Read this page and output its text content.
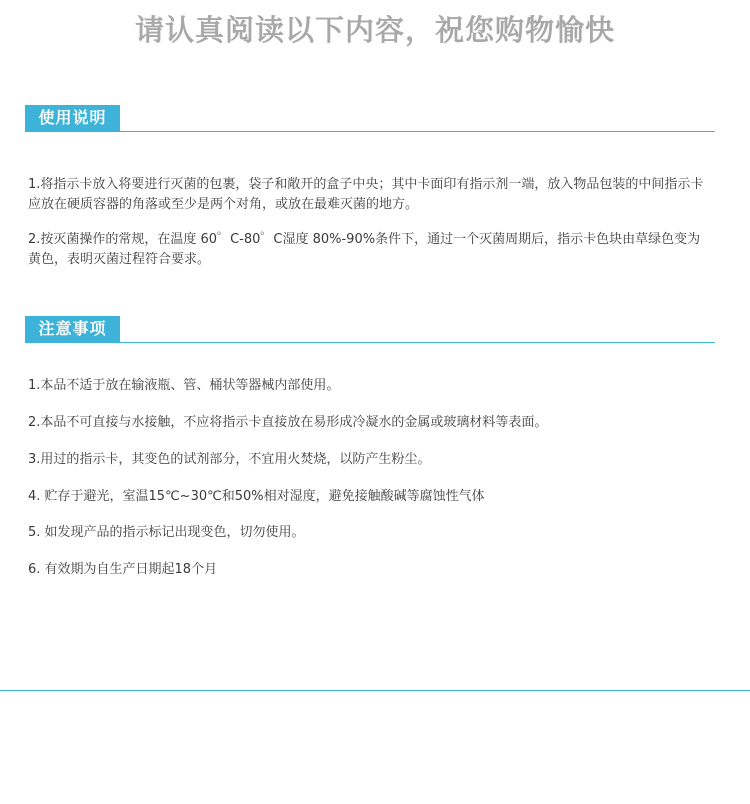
请认真阅读以下内容，祝您购物愉快
使用说明

1.将指示卡放入将要进行灭菌的包裹，袋子和敞开的盒子中央；其中卡面印有指示剂一端，放入物品包装的中间指示卡应放在硬质容器的角落或至少是两个对角，或放在最难灭菌的地方。

2.按灭菌操作的常规，在温度 60゜C-80゜C湿度 80%-90%条件下，通过一个灭菌周期后，指示卡色块由草绿色变为黄色，表明灭菌过程符合要求。

注意事项

1.本品不适于放在输液瓶、管、桶状等器械内部使用。

2.本品不可直接与水接触，不应将指示卡直接放在易形成冷凝水的金属或玻璃材料等表面。

3.用过的指示卡，其变色的试剂部分，不宜用火焚烧，以防产生粉尘。

4. 贮存于避光，室温15℃~30℃和50%相对湿度，避免接触酸碱等腐蚀性气体

5. 如发现产品的指示标记出现变色，切勿使用。

6. 有效期为自生产日期起18个月
